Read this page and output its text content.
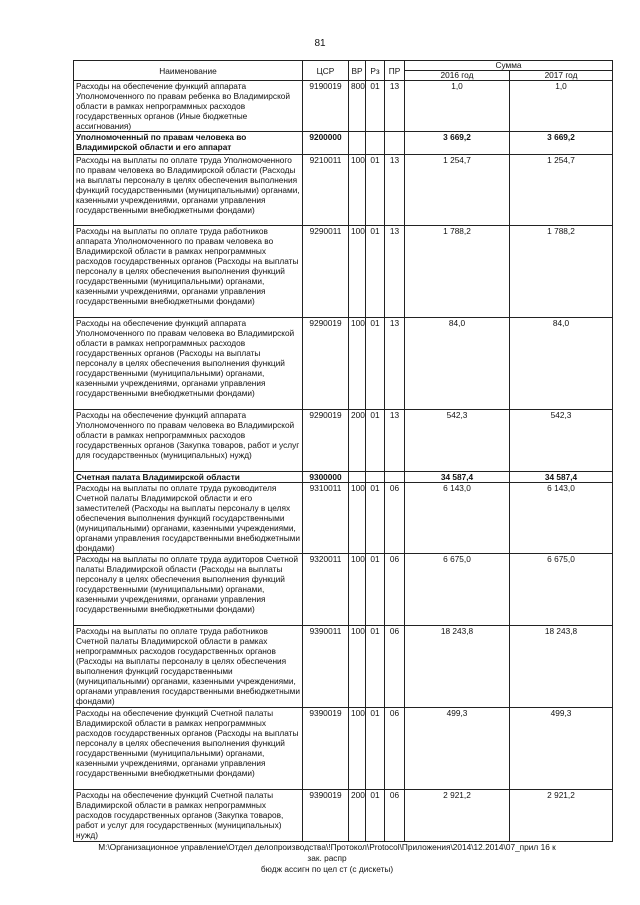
81
Наименование	ЦСР	ВР	Рз	ПР	Сумма	
					2016 год	2017 год
Расходы на обеспечение функций аппарата Уполномоченного по правам ребенка во Владимирской области в рамках непрограммных расходов государственных органов (Иные бюджетные ассигнования)	9190019	800	01	13	1,0	1,0
Уполномоченный по правам человека во Владимирской области и его аппарат	9200000				3 669,2	3 669,2
Расходы на выплаты по оплате труда Уполномоченного по правам человека во Владимирской области (Расходы на выплаты персоналу в целях обеспечения выполнения функций государственными (муниципальными) органами, казенными учреждениями, органами управления государственными внебюджетными фондами)	9210011	100	01	13	1 254,7	1 254,7
Расходы на выплаты по оплате труда работников аппарата Уполномоченного по правам человека во Владимирской области в рамках непрограммных расходов государственных органов (Расходы на выплаты персоналу в целях обеспечения выполнения функций государственными (муниципальными) органами, казенными учреждениями, органами управления государственными внебюджетными фондами)	9290011	100	01	13	1 788,2	1 788,2
Расходы на обеспечение функций аппарата Уполномоченного по правам человека во Владимирской области в рамках непрограммных расходов государственных органов (Расходы на выплаты персоналу в целях обеспечения выполнения функций государственными (муниципальными) органами, казенными учреждениями, органами управления государственными внебюджетными фондами)	9290019	100	01	13	84,0	84,0
Расходы на обеспечение функций аппарата Уполномоченного по правам человека во Владимирской области в рамках непрограммных расходов государственных органов (Закупка товаров, работ и услуг для государственных (муниципальных) нужд)	9290019	200	01	13	542,3	542,3
Счетная палата Владимирской области	9300000				34 587,4	34 587,4
Расходы на выплаты по оплате труда руководителя Счетной палаты Владимирской области и его заместителей (Расходы на выплаты персоналу в целях обеспечения выполнения функций государственными (муниципальными) органами, казенными учреждениями, органами управления государственными внебюджетными фондами)	9310011	100	01	06	6 143,0	6 143,0
Расходы на выплаты по оплате труда аудиторов Счетной палаты Владимирской области (Расходы на выплаты персоналу в целях обеспечения выполнения функций государственными (муниципальными) органами, казенными учреждениями, органами управления государственными внебюджетными фондами)	9320011	100	01	06	6 675,0	6 675,0
Расходы на выплаты по оплате труда работников Счетной палаты Владимирской области в рамках непрограммных расходов государственных органов (Расходы на выплаты персоналу в целях обеспечения выполнения функций государственными (муниципальными) органами, казенными учреждениями, органами управления государственными внебюджетными фондами)	9390011	100	01	06	18 243,8	18 243,8
Расходы на обеспечение функций Счетной палаты Владимирской области в рамках непрограммных расходов государственных органов (Расходы на выплаты персоналу в целях обеспечения выполнения функций государственными (муниципальными) органами, казенными учреждениями, органами управления государственными внебюджетными фондами)	9390019	100	01	06	499,3	499,3
Расходы на обеспечение функций Счетной палаты Владимирской области в рамках непрограммных расходов государственных органов (Закупка товаров, работ и услуг для государственных (муниципальных) нужд)	9390019	200	01	06	2 921,2	2 921,2
M:\Организационное управление\Отдел делопроизводства\!Протокол\Protocol\Приложения\2014\12.2014\07_прил 16 к зак. распр
бюдж ассигн по цел ст (с дискеты)
